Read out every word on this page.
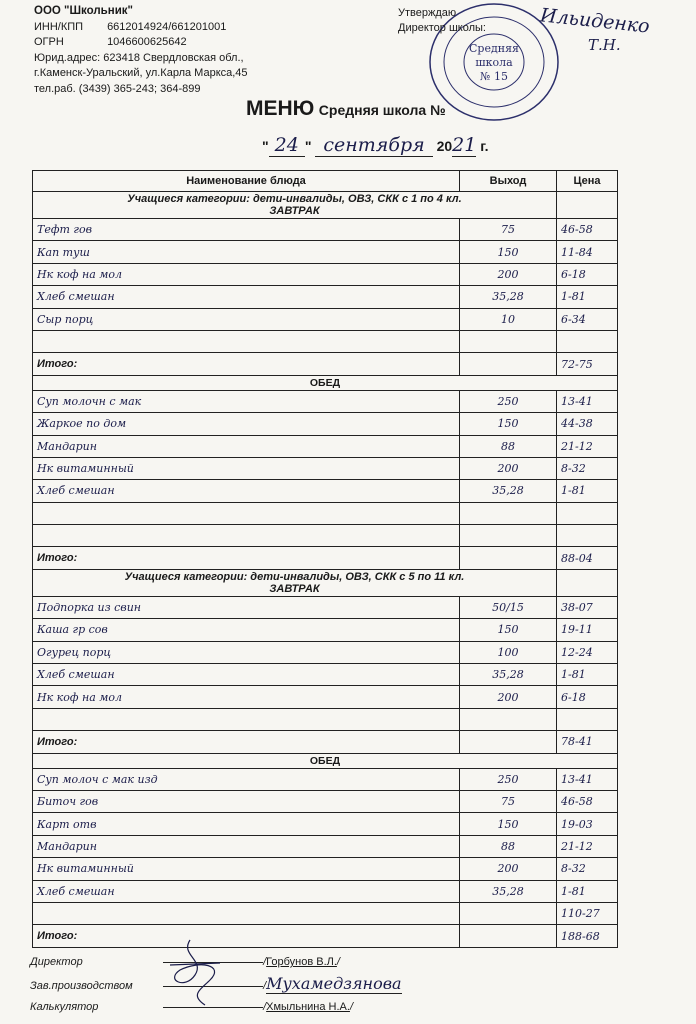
ООО "Школьник"
ИНН/КПП 6612014924/661201001
ОГРН	1046600625642
Юрид.адрес: 623418 Свердловская обл.,
г.Каменск-Уральский, ул.Карла Маркса,45
тел.раб. (3439) 365-243; 364-899
Средняя
школа
№ 15
Утверждаю
Директор школы:	Ильиденко
Т.Н.
МЕНЮ Средняя школа №
" 24 " сентября 2021 г.
Наименование блюда	Выход	Цена

Учащиеся категории: дети-инвалиды, ОВЗ, СКК с 1 по 4 кл.
ЗАВТРАК		

Тефт гов	75	46-58
Кап туш	150	11-84
Нк коф на мол	200	6-18
Хлеб смешан	35,28	1-81
Сыр порц	10	6-34

Итого:		72-75
ОБЕД		
Суп молочн с мак	250	13-41
Жаркое по дом	150	44-38
Мандарин	88	21-12
Нк витаминный	200	8-32
Хлеб смешан	35,28	1-81

Итого:		88-04

Учащиеся категории: дети-инвалиды, ОВЗ, СКК с 5 по 11 кл.
ЗАВТРАК		

Подпорка из свин	50/15	38-07
Каша гр сов	150	19-11
Огурец порц	100	12-24
Хлеб смешан	35,28	1-81
Нк коф на мол	200	6-18

Итого:		78-41
ОБЕД		
Суп молоч с мак изд	250	13-41
Биточ гов	75	46-58
Карт отв	150	19-03
Мандарин	88	21-12
Нк витаминный	200	8-32
Хлеб смешан	35,28	1-81
		110-27
Итого:		188-68
Директор	/Горбунов В.Л./
Зав.производством	/Мухамедзянова
Калькулятор	/Хмыльнина Н.А./
